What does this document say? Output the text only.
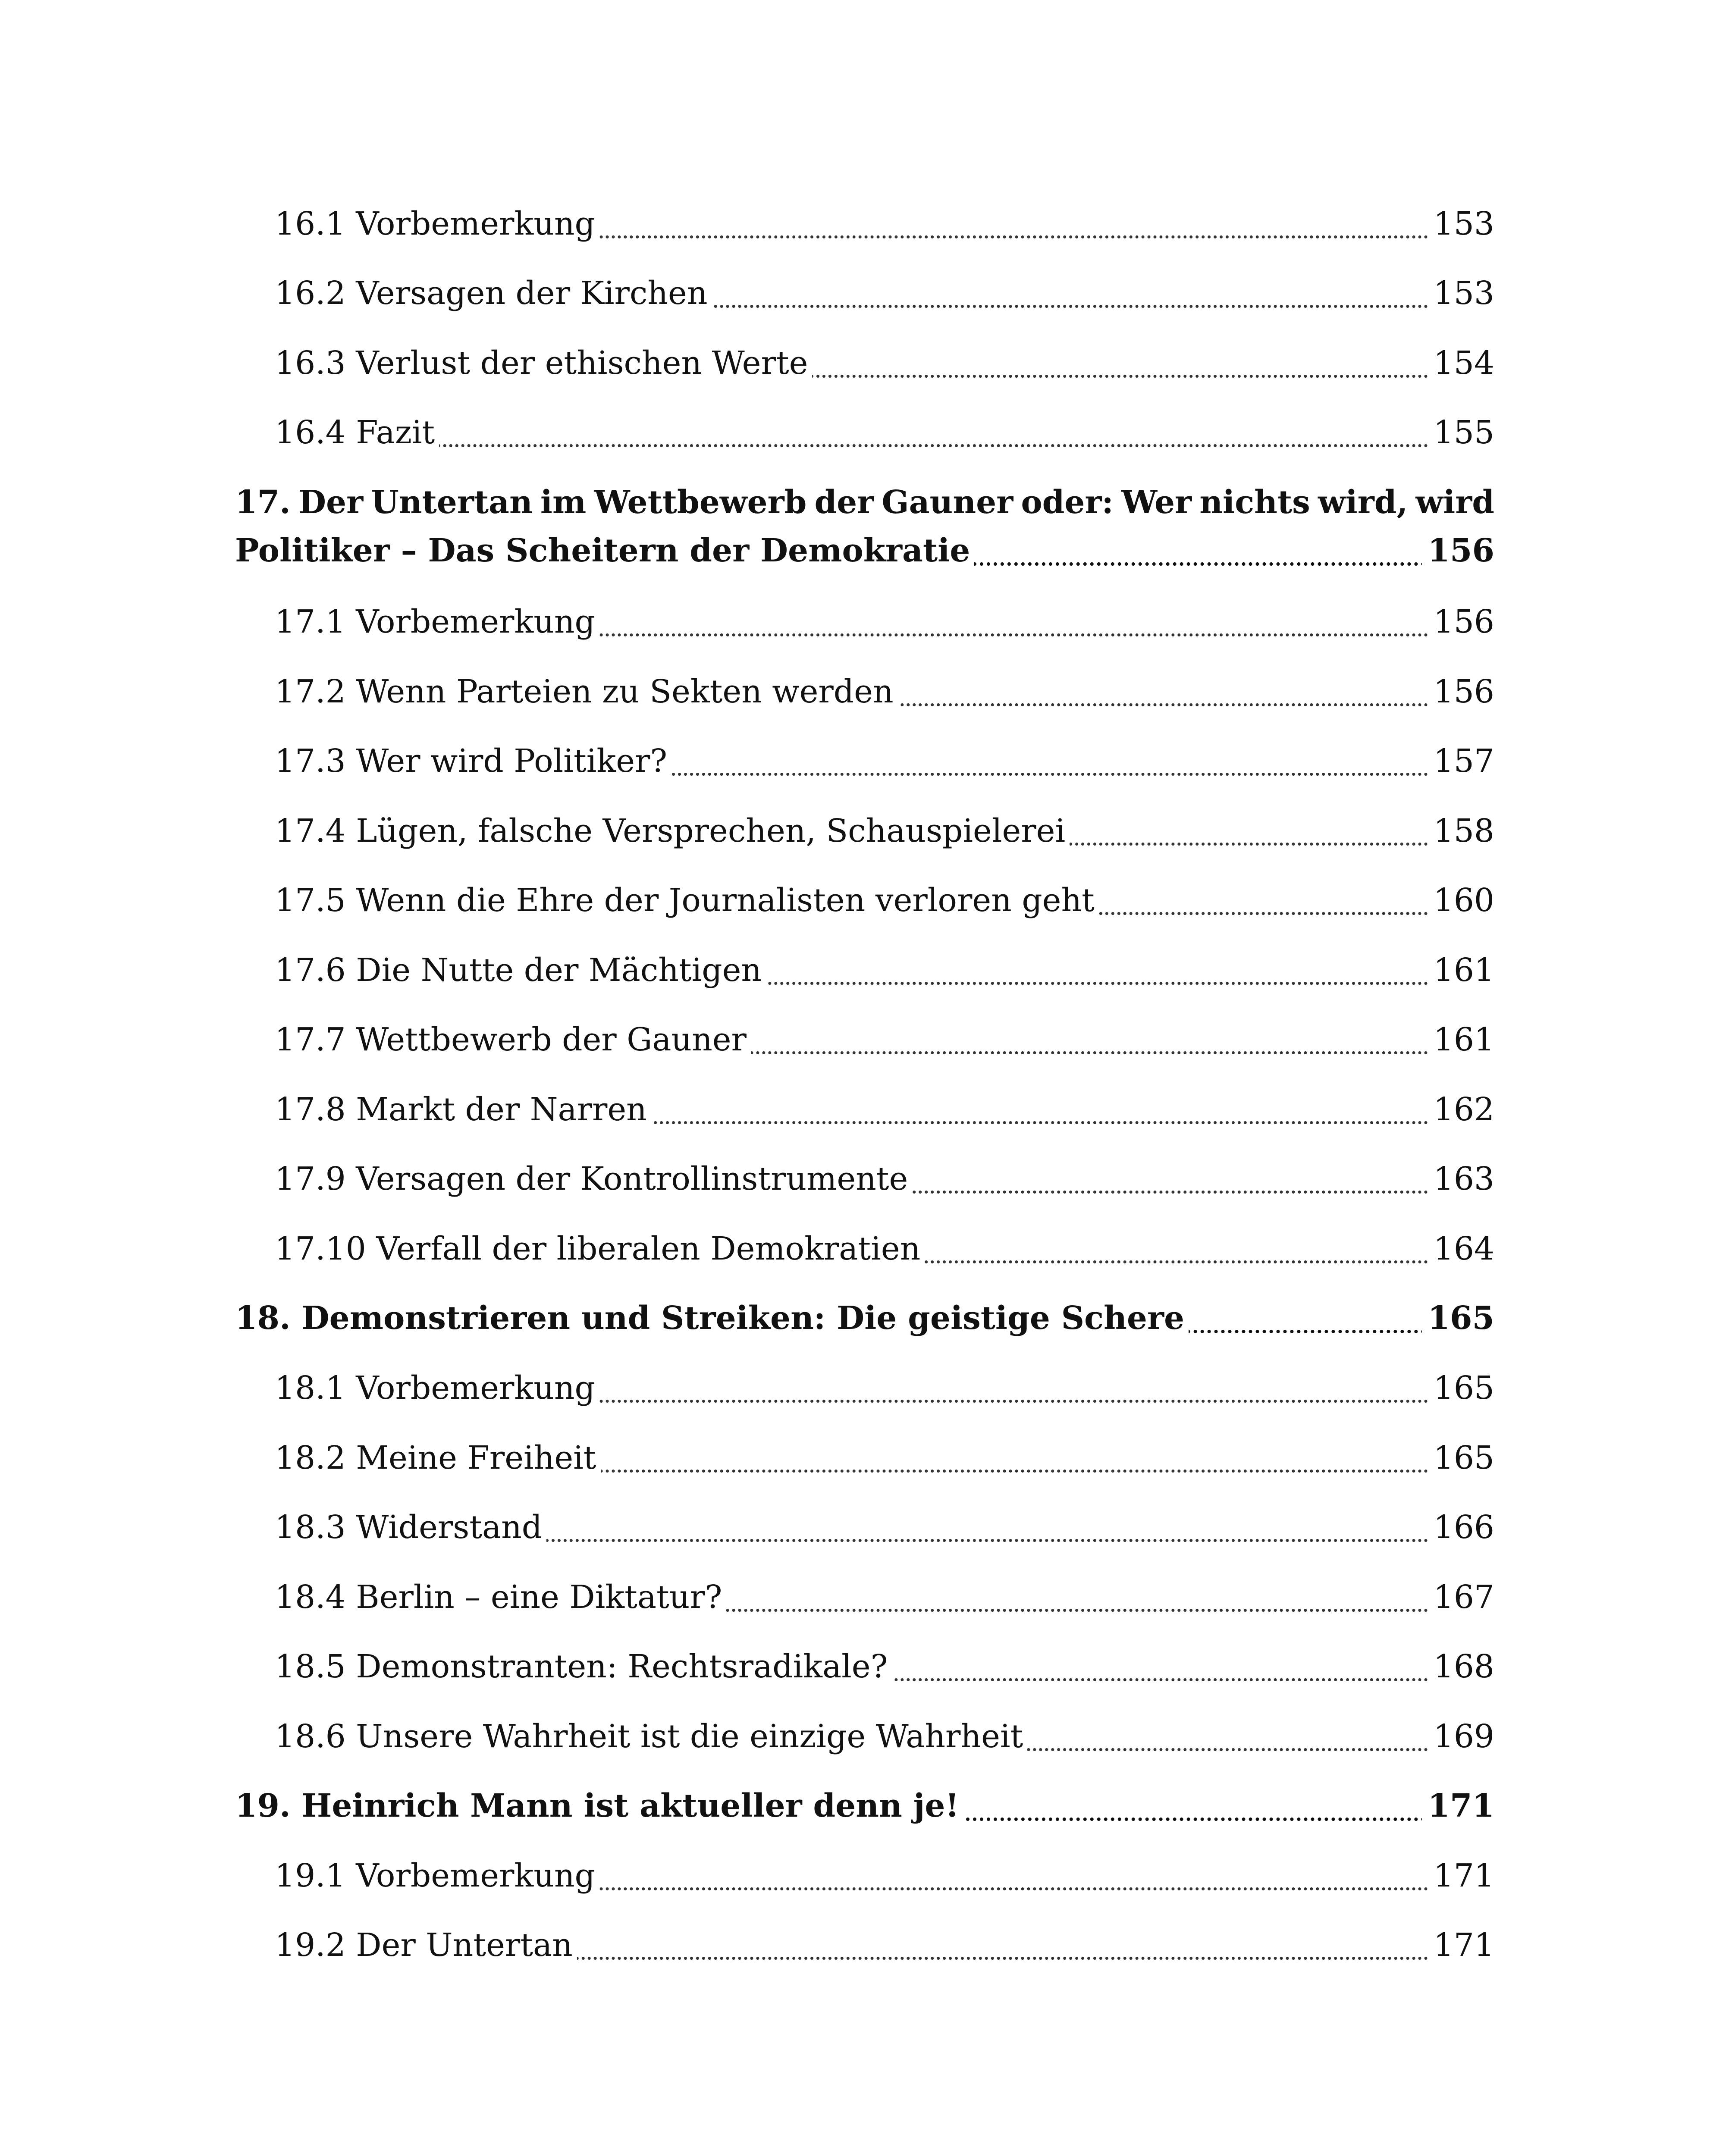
16.1 Vorbemerkung	153
16.2 Versagen der Kirchen	153
16.3 Verlust der ethischen Werte	154
16.4 Fazit	155
17. Der Untertan im Wettbewerb der Gauner oder: Wer nichts wird, wird
Politiker – Das Scheitern der Demokratie	156
17.1 Vorbemerkung	156
17.2 Wenn Parteien zu Sekten werden	156
17.3 Wer wird Politiker?	157
17.4 Lügen, falsche Versprechen, Schauspielerei	158
17.5 Wenn die Ehre der Journalisten verloren geht	160
17.6 Die Nutte der Mächtigen	161
17.7 Wettbewerb der Gauner	161
17.8 Markt der Narren	162
17.9 Versagen der Kontrollinstrumente	163
17.10 Verfall der liberalen Demokratien	164
18. Demonstrieren und Streiken: Die geistige Schere	165
18.1 Vorbemerkung	165
18.2 Meine Freiheit	165
18.3 Widerstand	166
18.4 Berlin – eine Diktatur?	167
18.5 Demonstranten: Rechtsradikale?	168
18.6 Unsere Wahrheit ist die einzige Wahrheit	169
19. Heinrich Mann ist aktueller denn je!	171
19.1 Vorbemerkung	171
19.2 Der Untertan	171
